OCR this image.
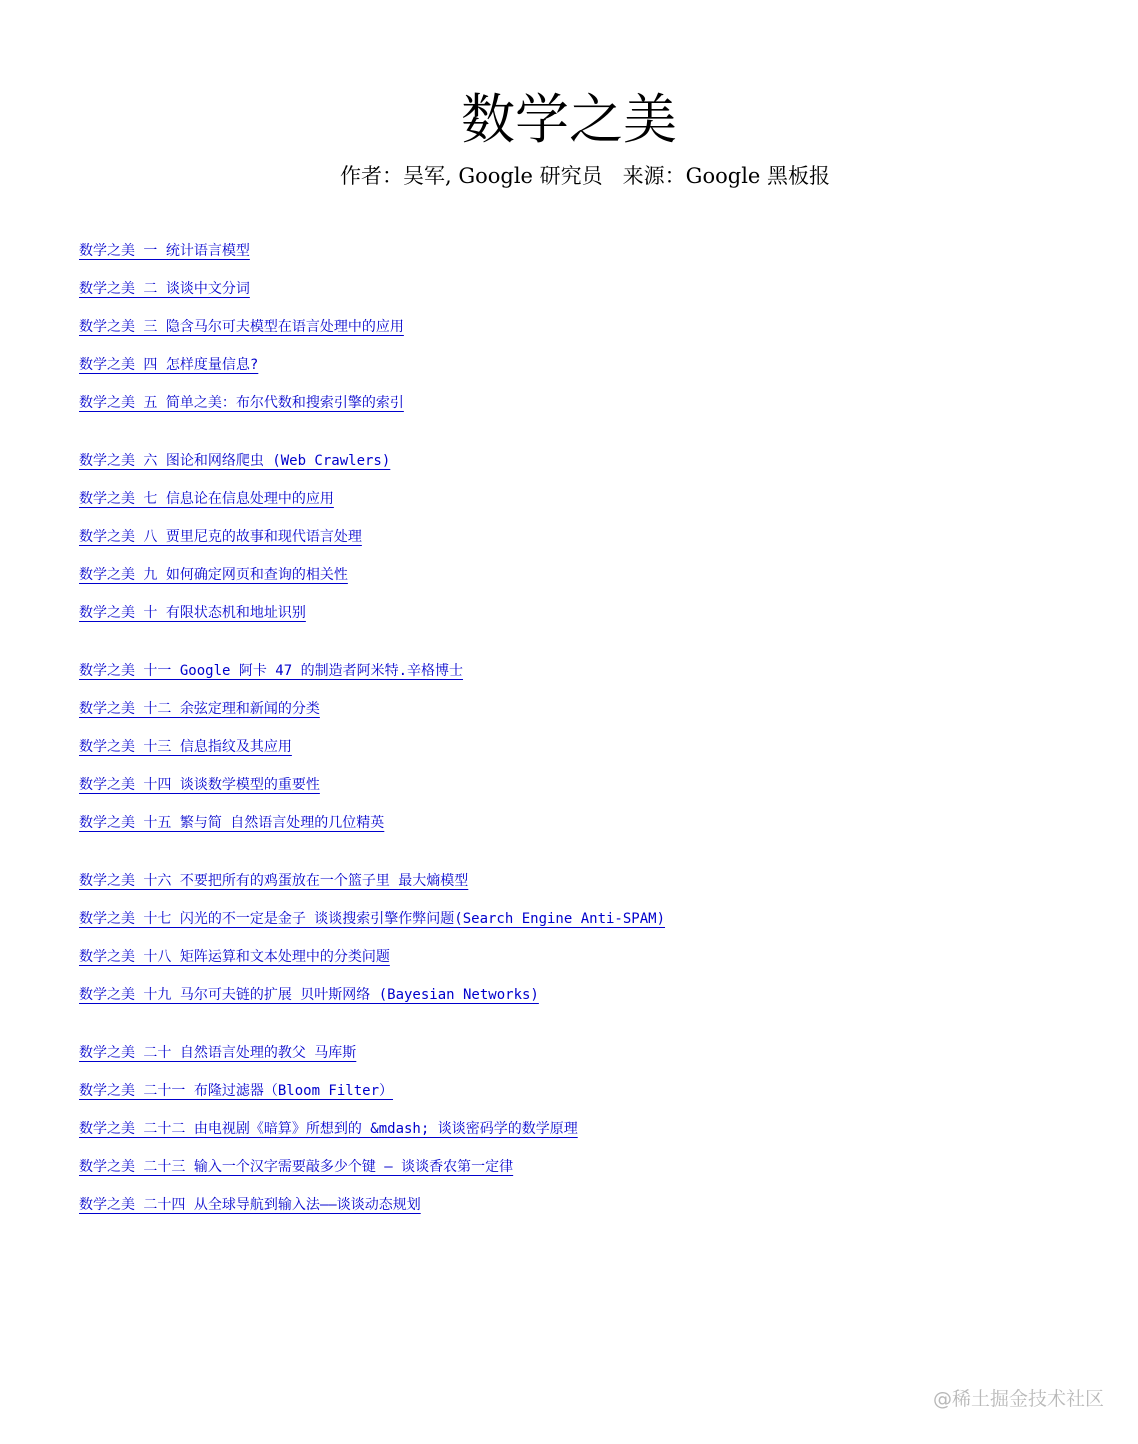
数学之美
作者：吴军, Google 研究员   来源：Google 黑板报
数学之美 一 统计语言模型
数学之美 二 谈谈中文分词
数学之美 三 隐含马尔可夫模型在语言处理中的应用
数学之美 四 怎样度量信息?
数学之美 五 简单之美：布尔代数和搜索引擎的索引
数学之美 六 图论和网络爬虫 (Web Crawlers)
数学之美 七 信息论在信息处理中的应用
数学之美 八 贾里尼克的故事和现代语言处理
数学之美 九 如何确定网页和查询的相关性
数学之美 十 有限状态机和地址识别
数学之美 十一 Google 阿卡 47 的制造者阿米特.辛格博士
数学之美 十二 余弦定理和新闻的分类
数学之美 十三 信息指纹及其应用
数学之美 十四 谈谈数学模型的重要性
数学之美 十五 繁与简 自然语言处理的几位精英
数学之美 十六 不要把所有的鸡蛋放在一个篮子里 最大熵模型
数学之美 十七 闪光的不一定是金子 谈谈搜索引擎作弊问题(Search Engine Anti-SPAM)
数学之美 十八 矩阵运算和文本处理中的分类问题
数学之美 十九 马尔可夫链的扩展 贝叶斯网络 (Bayesian Networks)
数学之美 二十 自然语言处理的教父 马库斯
数学之美 二十一 布隆过滤器（Bloom Filter）
数学之美 二十二 由电视剧《暗算》所想到的 &mdash; 谈谈密码学的数学原理
数学之美 二十三 输入一个汉字需要敲多少个键 — 谈谈香农第一定律
数学之美 二十四 从全球导航到输入法——谈谈动态规划
@稀土掘金技术社区
